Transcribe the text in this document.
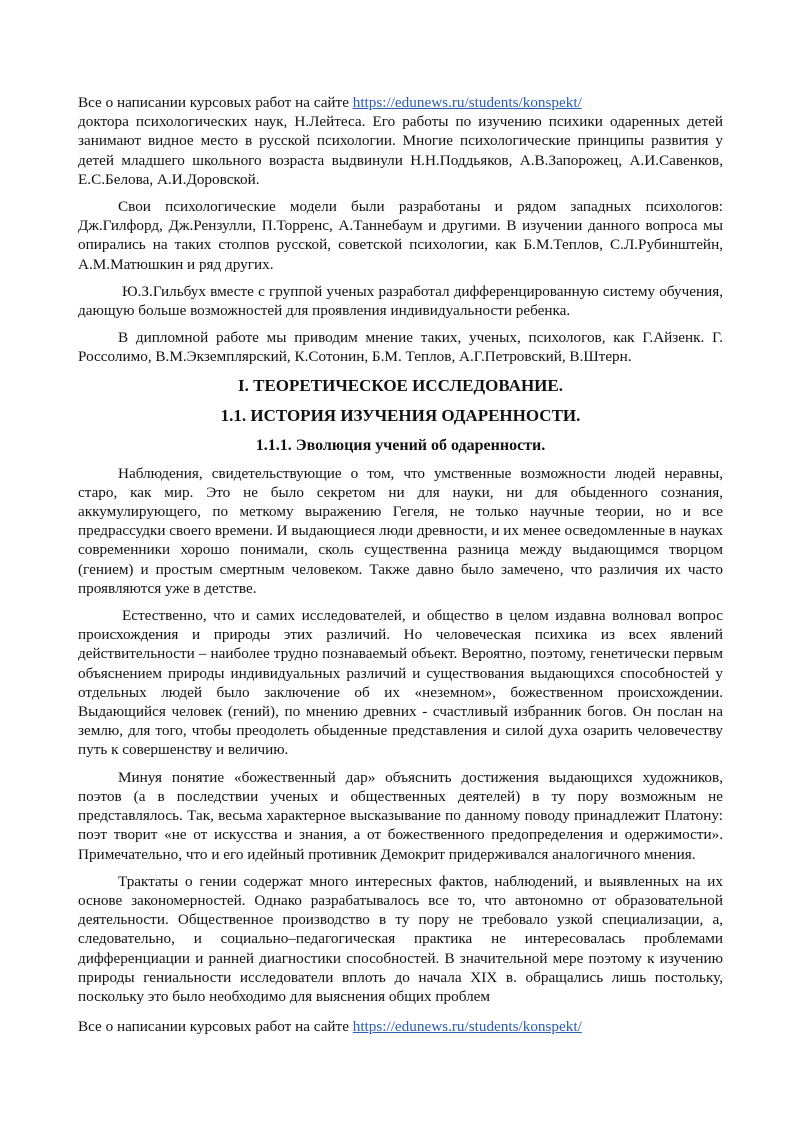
Все о написании курсовых работ на сайте https://edunews.ru/students/konspekt/

доктора психологических наук, Н.Лейтеса. Его работы по изучению психики одаренных детей занимают видное место в русской психологии. Многие психологические принципы развития у детей младшего школьного возраста выдвинули Н.Н.Поддьяков, А.В.Запорожец, А.И.Савенков, Е.С.Белова, А.И.Доровской.

Свои психологические модели были разработаны и рядом западных психологов: Дж.Гилфорд, Дж.Рензулли, П.Торренс, А.Таннебаум и другими. В изучении данного вопроса мы опирались на таких столпов русской, советской психологии, как Б.М.Теплов, С.Л.Рубинштейн, А.М.Матюшкин и ряд других.

Ю.З.Гильбух вместе с группой ученых разработал дифференцированную систему обучения, дающую больше возможностей для проявления индивидуальности ребенка.

В дипломной работе мы приводим мнение таких, ученых, психологов, как Г.Айзенк. Г. Россолимо, В.М.Экземплярский, К.Сотонин, Б.М. Теплов, А.Г.Петровский, В.Штерн.

I. ТЕОРЕТИЧЕСКОЕ ИССЛЕДОВАНИЕ.
1.1. ИСТОРИЯ ИЗУЧЕНИЯ ОДАРЕННОСТИ.
1.1.1. Эволюция учений об одаренности.

Наблюдения, свидетельствующие о том, что умственные возможности людей неравны, старо, как мир. Это не было секретом ни для науки, ни для обыденного сознания, аккумулирующего, по меткому выражению Гегеля, не только научные теории, но и все предрассудки своего времени. И выдающиеся люди древности, и их менее осведомленные в науках современники хорошо понимали, сколь существенна разница между выдающимся творцом (гением) и простым смертным человеком. Также давно было замечено, что различия их часто проявляются уже в детстве.

Естественно, что и самих исследователей, и общество в целом издавна волновал вопрос происхождения и природы этих различий. Но человеческая психика из всех явлений действительности – наиболее трудно познаваемый объект. Вероятно, поэтому, генетически первым объяснением природы индивидуальных различий и существования выдающихся способностей у отдельных людей было заключение об их «неземном», божественном происхождении. Выдающийся человек (гений), по мнению древних - счастливый избранник богов. Он послан на землю, для того, чтобы преодолеть обыденные представления и силой духа озарить человечеству путь к совершенству и величию.

Минуя понятие «божественный дар» объяснить достижения выдающихся художников, поэтов (а в последствии ученых и общественных деятелей) в ту пору возможным не представлялось. Так, весьма характерное высказывание по данному поводу принадлежит Платону: поэт творит «не от искусства и знания, а от божественного предопределения и одержимости». Примечательно, что и его идейный противник Демокрит придерживался аналогичного мнения.

Трактаты о гении содержат много интересных фактов, наблюдений, и выявленных на их основе закономерностей. Однако разрабатывалось все то, что автономно от образовательной деятельности. Общественное производство в ту пору не требовало узкой специализации, а, следовательно, и социально–педагогическая практика не интересовалась проблемами дифференциации и ранней диагностики способностей. В значительной мере поэтому к изучению природы гениальности исследователи вплоть до начала XIX в. обращались лишь постольку, поскольку это было необходимо для выяснения общих проблем

Все о написании курсовых работ на сайте https://edunews.ru/students/konspekt/
